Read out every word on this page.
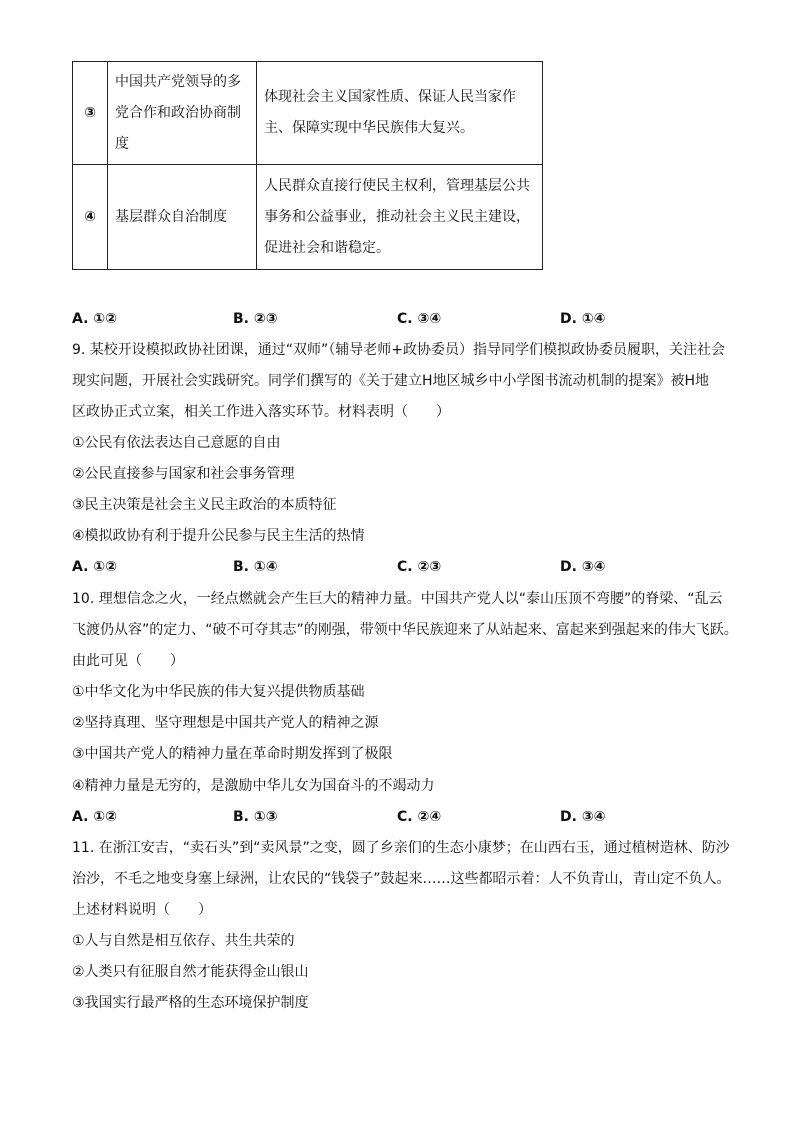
③	中国共产党领导的多党合作和政治协商制度	体现社会主义国家性质、保证人民当家作主、保障实现中华民族伟大复兴。
④	基层群众自治制度	人民群众直接行使民主权利，管理基层公共事务和公益事业，推动社会主义民主建设，促进社会和谐稳定。
A. ①②	B. ②③	C. ③④	D. ①④
9. 某校开设模拟政协社团课，通过“双师”（辅导老师+政协委员）指导同学们模拟政协委员履职，关注社会
现实问题，开展社会实践研究。同学们撰写的《关于建立H地区城乡中小学图书流动机制的提案》被H地
区政协正式立案，相关工作进入落实环节。材料表明（　　）
①公民有依法表达自己意愿的自由
②公民直接参与国家和社会事务管理
③民主决策是社会主义民主政治的本质特征
④模拟政协有利于提升公民参与民主生活的热情
A. ①②	B. ①④	C. ②③	D. ③④
10. 理想信念之火，一经点燃就会产生巨大的精神力量。中国共产党人以“泰山压顶不弯腰”的脊梁、“乱云
飞渡仍从容”的定力、“破不可夺其志”的刚强，带领中华民族迎来了从站起来、富起来到强起来的伟大飞跃。
由此可见（　　）
①中华文化为中华民族的伟大复兴提供物质基础
②坚持真理、坚守理想是中国共产党人的精神之源
③中国共产党人的精神力量在革命时期发挥到了极限
④精神力量是无穷的，是激励中华儿女为国奋斗的不竭动力
A. ①②	B. ①③	C. ②④	D. ③④
11. 在浙江安吉，“卖石头”到“卖风景”之变，圆了乡亲们的生态小康梦；在山西右玉，通过植树造林、防沙
治沙，不毛之地变身塞上绿洲，让农民的“钱袋子”鼓起来……这些都昭示着：人不负青山，青山定不负人。
上述材料说明（　　）
①人与自然是相互依存、共生共荣的
②人类只有征服自然才能获得金山银山
③我国实行最严格的生态环境保护制度
